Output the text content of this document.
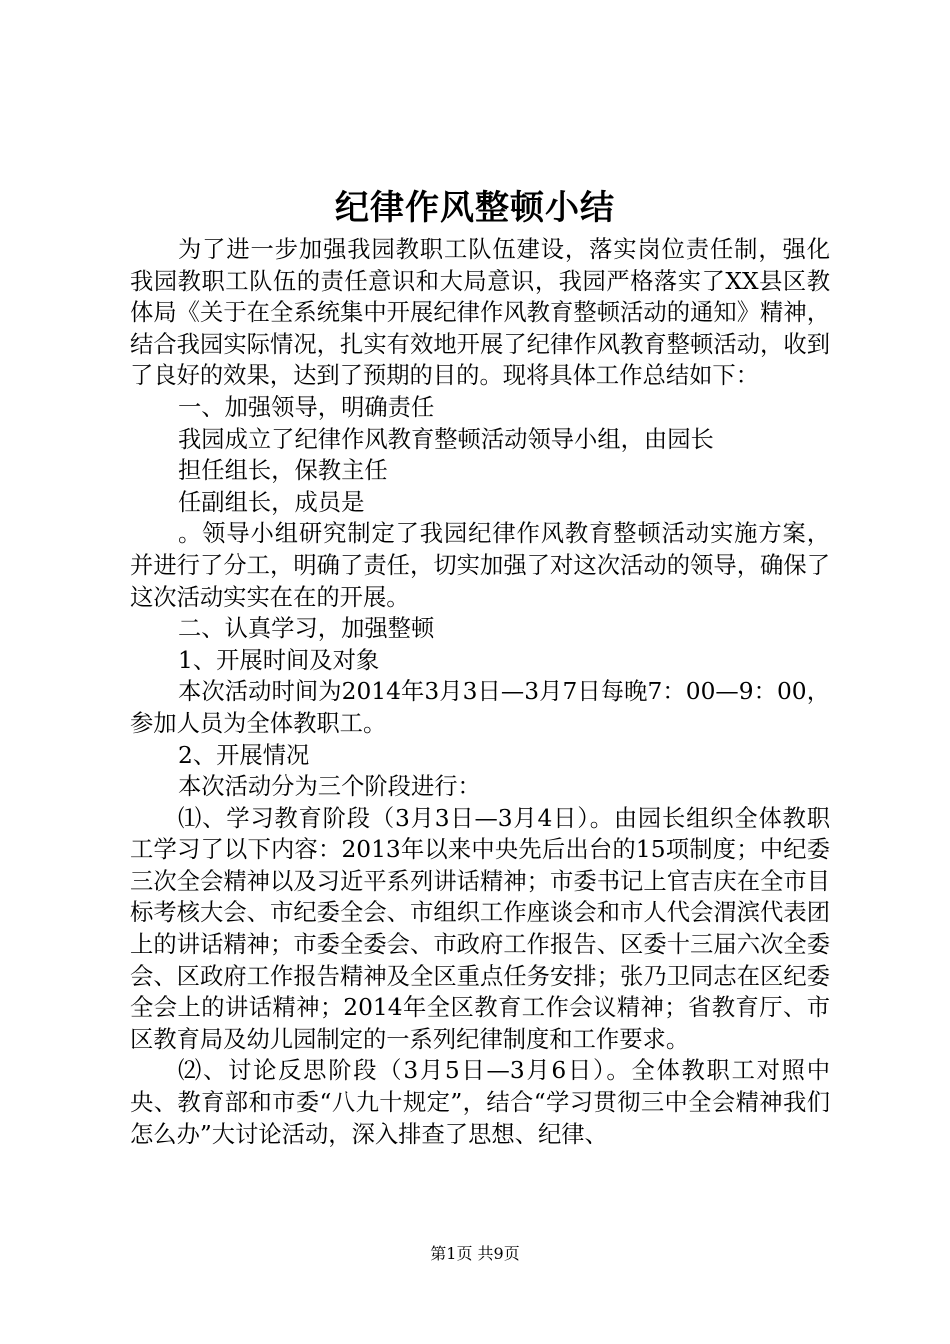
纪律作风整顿小结

为了进一步加强我园教职工队伍建设，落实岗位责任制，强化我园教职工队伍的责任意识和大局意识，我园严格落实了XX县区教体局《关于在全系统集中开展纪律作风教育整顿活动的通知》精神，结合我园实际情况，扎实有效地开展了纪律作风教育整顿活动，收到了良好的效果，达到了预期的目的。现将具体工作总结如下：

一、加强领导，明确责任

我园成立了纪律作风教育整顿活动领导小组，由园长

担任组长，保教主任

任副组长，成员是

。领导小组研究制定了我园纪律作风教育整顿活动实施方案，并进行了分工，明确了责任，切实加强了对这次活动的领导，确保了这次活动实实在在的开展。

二、认真学习，加强整顿

1、开展时间及对象

本次活动时间为2014年3月3日—3月7日每晚7：00—9：00，参加人员为全体教职工。

2、开展情况

本次活动分为三个阶段进行：

⑴、学习教育阶段（3月3日—3月4日）。由园长组织全体教职工学习了以下内容：2013年以来中央先后出台的15项制度；中纪委三次全会精神以及习近平系列讲话精神；市委书记上官吉庆在全市目标考核大会、市纪委全会、市组织工作座谈会和市人代会渭滨代表团上的讲话精神；市委全委会、市政府工作报告、区委十三届六次全委会、区政府工作报告精神及全区重点任务安排；张乃卫同志在区纪委全会上的讲话精神；2014年全区教育工作会议精神；省教育厅、市区教育局及幼儿园制定的一系列纪律制度和工作要求。

⑵、讨论反思阶段（3月5日—3月6日）。全体教职工对照中央、教育部和市委“八九十规定”，结合“学习贯彻三中全会精神我们怎么办”大讨论活动，深入排查了思想、纪律、

第1页 共9页
